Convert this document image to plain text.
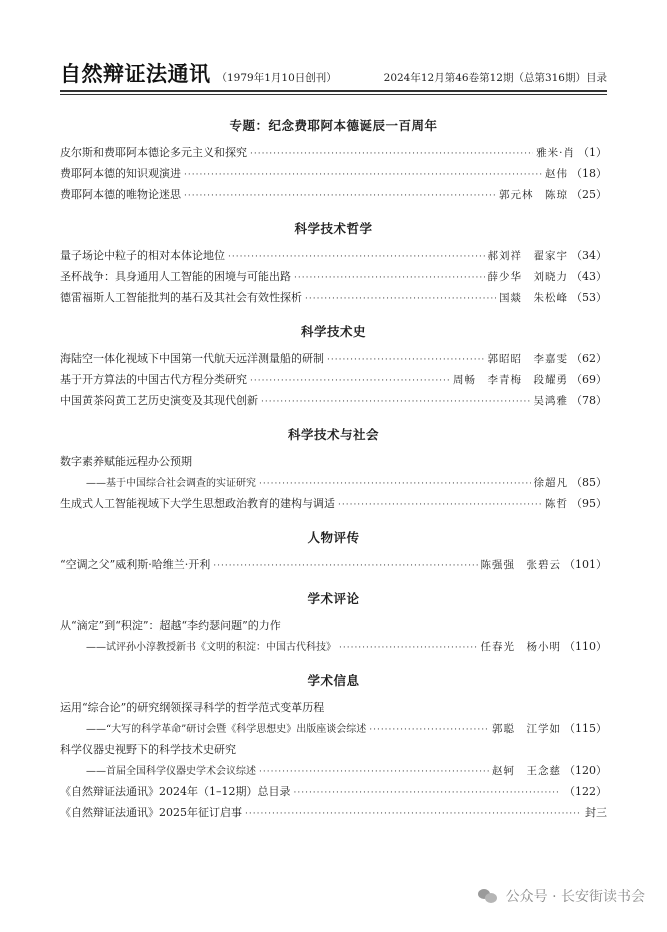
自然辩证法通讯 （1979年1月10日创刊）	2024年12月第46卷第12期（总第316期）目录
专题：纪念费耶阿本德诞辰一百周年
皮尔斯和费耶阿本德论多元主义和探究 ·····	雅米·肖 （1）
费耶阿本德的知识观演进 ·····	赵伟 （18）
费耶阿本德的唯物论迷思 ·····	郭元林　陈琼 （25）
科学技术哲学
量子场论中粒子的相对本体论地位 ·····	郝刘祥　翟家宇 （34）
圣杯战争：具身通用人工智能的困境与可能出路 ·····	薛少华　刘晓力 （43）
德雷福斯人工智能批判的基石及其社会有效性探析 ·····	国燚　朱松峰 （53）
科学技术史
海陆空一体化视域下中国第一代航天远洋测量船的研制 ·····	郭昭昭　李嘉雯 （62）
基于开方算法的中国古代方程分类研究 ·····	周畅　李青梅　段耀勇 （69）
中国黄茶闷黄工艺历史演变及其现代创新 ·····	吴鸿雅 （78）
科学技术与社会
数字素养赋能远程办公预期
——基于中国综合社会调查的实证研究 ·····	徐超凡 （85）
生成式人工智能视域下大学生思想政治教育的建构与调适 ·····	陈哲 （95）
人物评传
“空调之父”威利斯·哈维兰·开利 ·····	陈强强　张碧云 （101）
学术评论
从“滴定”到“积淀”：超越“李约瑟问题”的力作
——试评孙小淳教授新书《文明的积淀：中国古代科技》 ·····	任春光　杨小明 （110）
学术信息
运用“综合论”的研究纲领探寻科学的哲学范式变革历程
——“大写的科学革命”研讨会暨《科学思想史》出版座谈会综述 ·····	郭聪　江学如 （115）
科学仪器史视野下的科学技术史研究
——首届全国科学仪器史学术会议综述 ·····	赵轲　王念慈 （120）
《自然辩证法通讯》2024年（1–12期）总目录 ·····	（122）
《自然辩证法通讯》2025年征订启事 ·····	封三
公众号 · 长安街读书会
